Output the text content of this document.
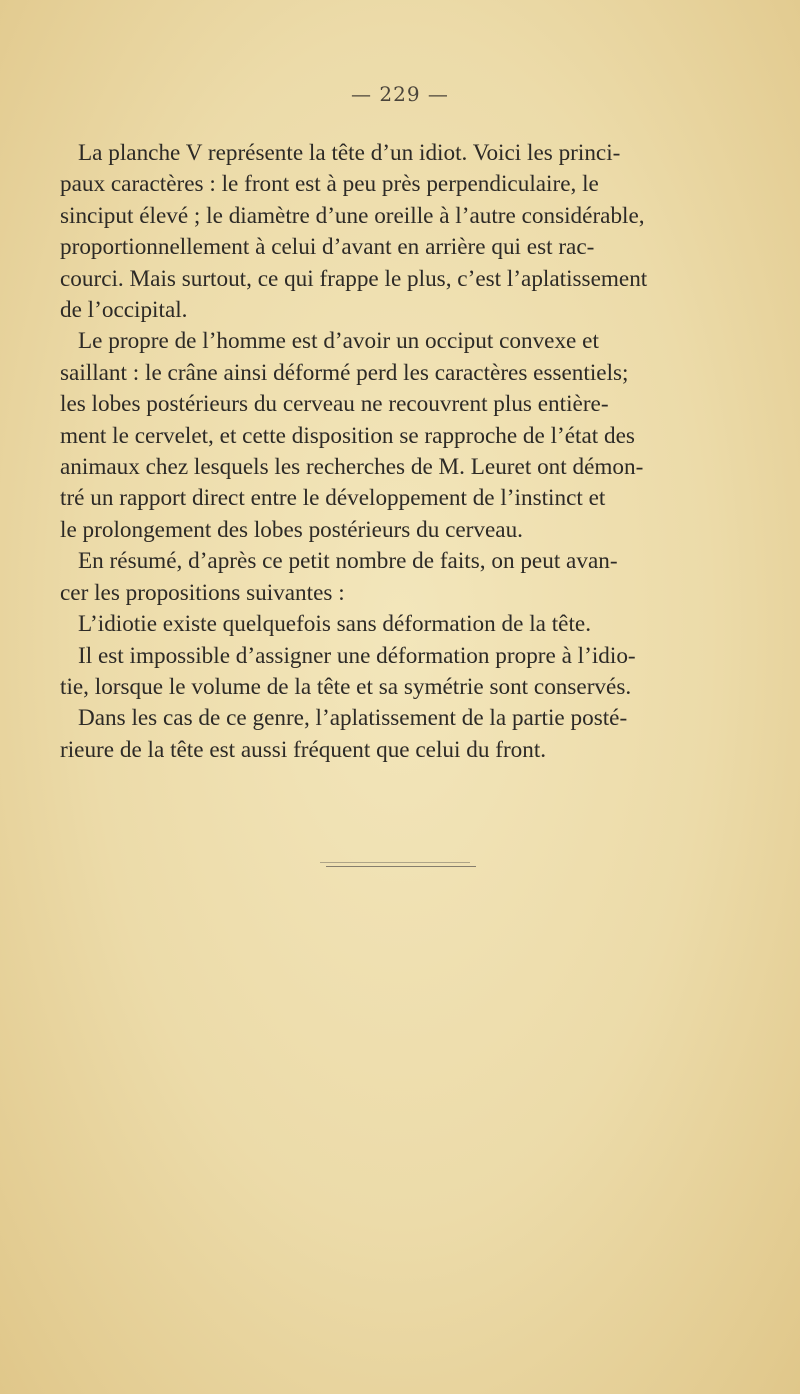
— 229 —

La planche V représente la tête d’un idiot. Voici les princi-
paux caractères : le front est à peu près perpendiculaire, le
sinciput élevé ; le diamètre d’une oreille à l’autre considérable,
proportionnellement à celui d’avant en arrière qui est rac-
courci. Mais surtout, ce qui frappe le plus, c’est l’aplatissement
de l’occipital.

Le propre de l’homme est d’avoir un occiput convexe et
saillant : le crâne ainsi déformé perd les caractères essentiels;
les lobes postérieurs du cerveau ne recouvrent plus entière-
ment le cervelet, et cette disposition se rapproche de l’état des
animaux chez lesquels les recherches de M. Leuret ont démon-
tré un rapport direct entre le développement de l’instinct et
le prolongement des lobes postérieurs du cerveau.

En résumé, d’après ce petit nombre de faits, on peut avan-
cer les propositions suivantes :

L’idiotie existe quelquefois sans déformation de la tête.

Il est impossible d’assigner une déformation propre à l’idio-
tie, lorsque le volume de la tête et sa symétrie sont conservés.

Dans les cas de ce genre, l’aplatissement de la partie posté-
rieure de la tête est aussi fréquent que celui du front.
